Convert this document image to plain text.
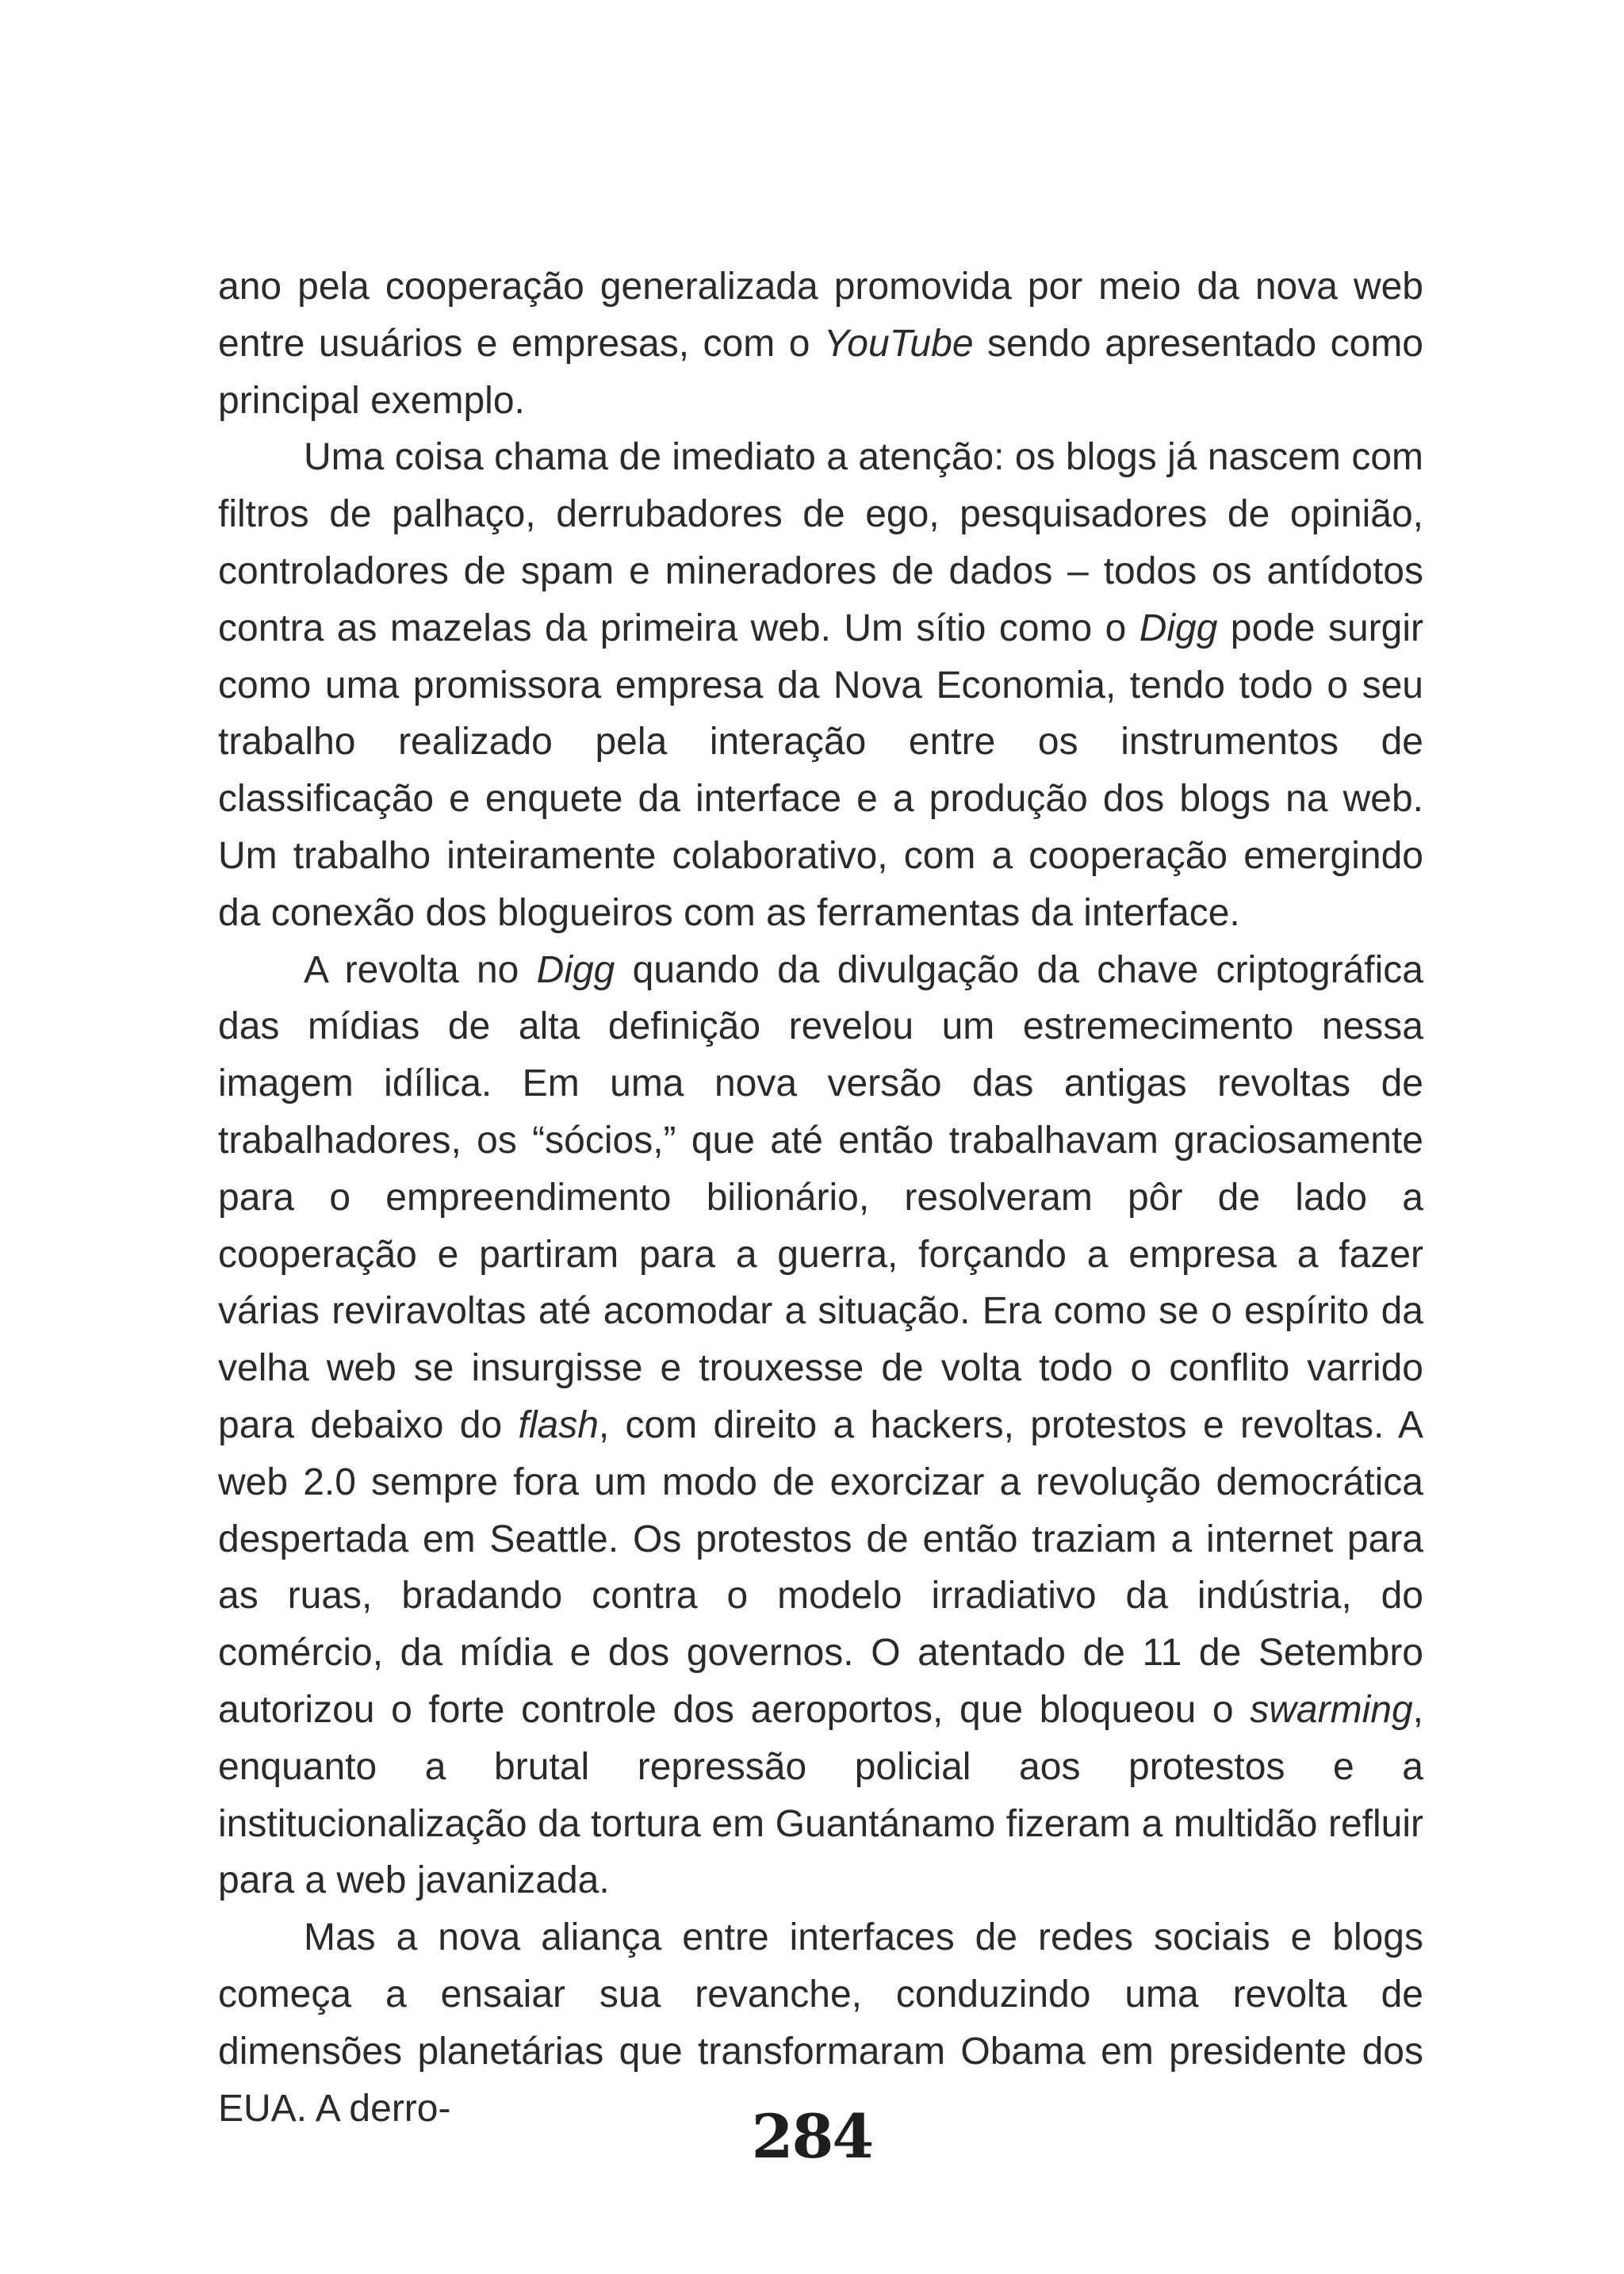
ano pela cooperação generalizada promovida por meio da nova web entre usuários e empresas, com o YouTube sendo apresentado como principal exemplo.

Uma coisa chama de imediato a atenção: os blogs já nascem com filtros de palhaço, derrubadores de ego, pesquisadores de opinião, controladores de spam e mineradores de dados – todos os antídotos contra as mazelas da primeira web. Um sítio como o Digg pode surgir como uma promissora empresa da Nova Economia, tendo todo o seu trabalho realizado pela interação entre os instrumentos de classificação e enquete da interface e a produção dos blogs na web. Um trabalho inteiramente colaborativo, com a cooperação emergindo da conexão dos blogueiros com as ferramentas da interface.

A revolta no Digg quando da divulgação da chave criptográfica das mídias de alta definição revelou um estremecimento nessa imagem idílica. Em uma nova versão das antigas revoltas de trabalhadores, os “sócios,” que até então trabalhavam graciosamente para o empreendimento bilionário, resolveram pôr de lado a cooperação e partiram para a guerra, forçando a empresa a fazer várias reviravoltas até acomodar a situação. Era como se o espírito da velha web se insurgisse e trouxesse de volta todo o conflito varrido para debaixo do flash, com direito a hackers, protestos e revoltas. A web 2.0 sempre fora um modo de exorcizar a revolução democrática despertada em Seattle. Os protestos de então traziam a internet para as ruas, bradando contra o modelo irradiativo da indústria, do comércio, da mídia e dos governos. O atentado de 11 de Setembro autorizou o forte controle dos aeroportos, que bloqueou o swarming, enquanto a brutal repressão policial aos protestos e a institucionalização da tortura em Guantánamo fizeram a multidão refluir para a web javanizada.

Mas a nova aliança entre interfaces de redes sociais e blogs começa a ensaiar sua revanche, conduzindo uma revolta de dimensões planetárias que transformaram Obama em presidente dos EUA. A derro-	284
